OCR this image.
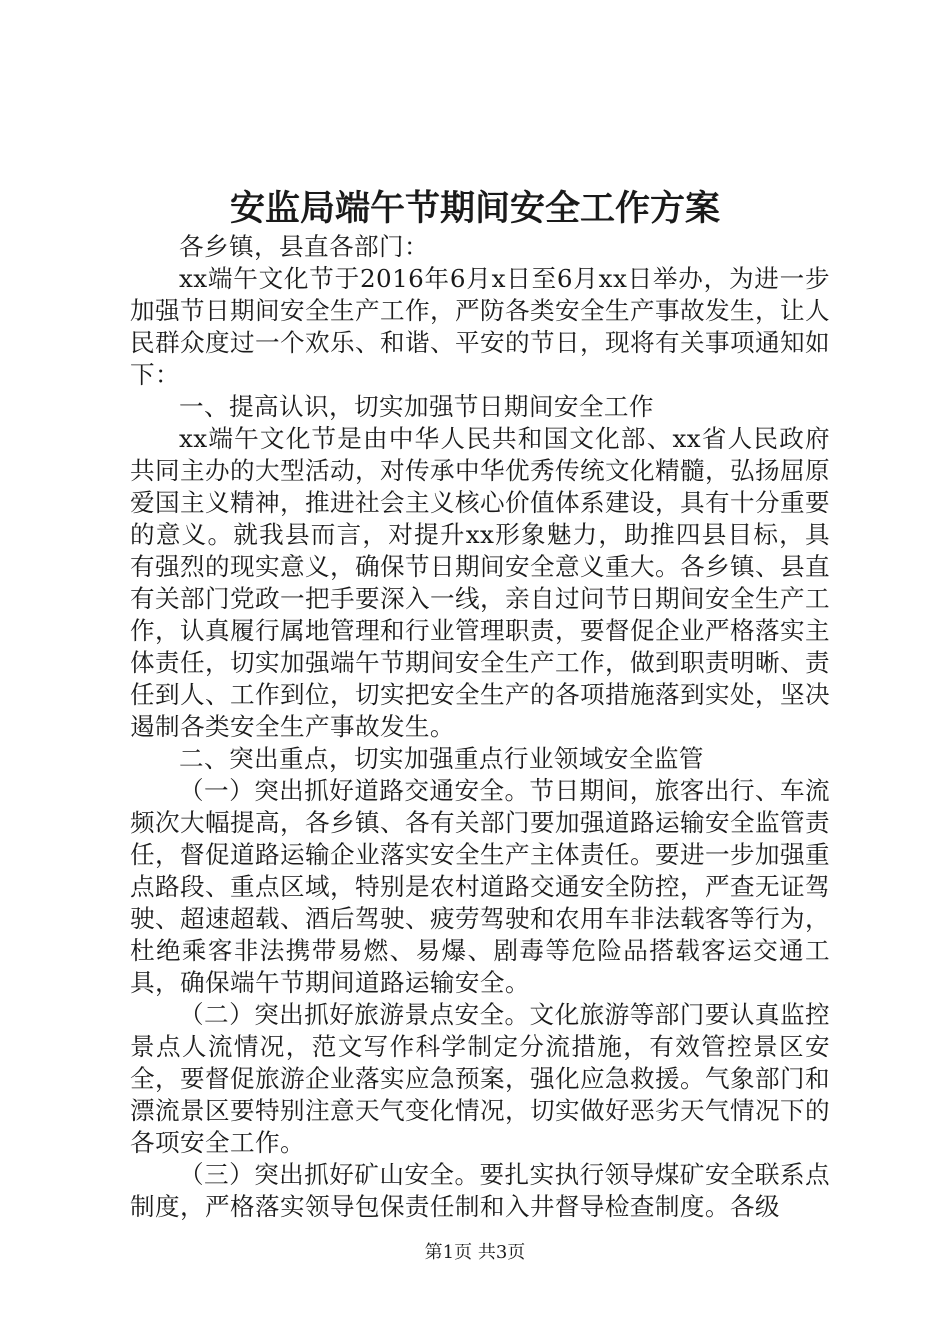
安监局端午节期间安全工作方案

各乡镇，县直各部门：

xx端午文化节于2016年6月x日至6月xx日举办，为进一步加强节日期间安全生产工作，严防各类安全生产事故发生，让人民群众度过一个欢乐、和谐、平安的节日，现将有关事项通知如下：

一、提高认识，切实加强节日期间安全工作

xx端午文化节是由中华人民共和国文化部、xx省人民政府共同主办的大型活动，对传承中华优秀传统文化精髓，弘扬屈原爱国主义精神，推进社会主义核心价值体系建设，具有十分重要的意义。就我县而言，对提升xx形象魅力，助推四县目标，具有强烈的现实意义，确保节日期间安全意义重大。各乡镇、县直有关部门党政一把手要深入一线，亲自过问节日期间安全生产工作，认真履行属地管理和行业管理职责，要督促企业严格落实主体责任，切实加强端午节期间安全生产工作，做到职责明晰、责任到人、工作到位，切实把安全生产的各项措施落到实处，坚决遏制各类安全生产事故发生。

二、突出重点，切实加强重点行业领域安全监管

（一）突出抓好道路交通安全。节日期间，旅客出行、车流频次大幅提高，各乡镇、各有关部门要加强道路运输安全监管责任，督促道路运输企业落实安全生产主体责任。要进一步加强重点路段、重点区域，特别是农村道路交通安全防控，严查无证驾驶、超速超载、酒后驾驶、疲劳驾驶和农用车非法载客等行为，杜绝乘客非法携带易燃、易爆、剧毒等危险品搭载客运交通工具，确保端午节期间道路运输安全。

（二）突出抓好旅游景点安全。文化旅游等部门要认真监控景点人流情况，范文写作科学制定分流措施，有效管控景区安全，要督促旅游企业落实应急预案，强化应急救援。气象部门和漂流景区要特别注意天气变化情况，切实做好恶劣天气情况下的各项安全工作。

（三）突出抓好矿山安全。要扎实执行领导煤矿安全联系点制度，严格落实领导包保责任制和入井督导检查制度。各级

第1页 共3页
